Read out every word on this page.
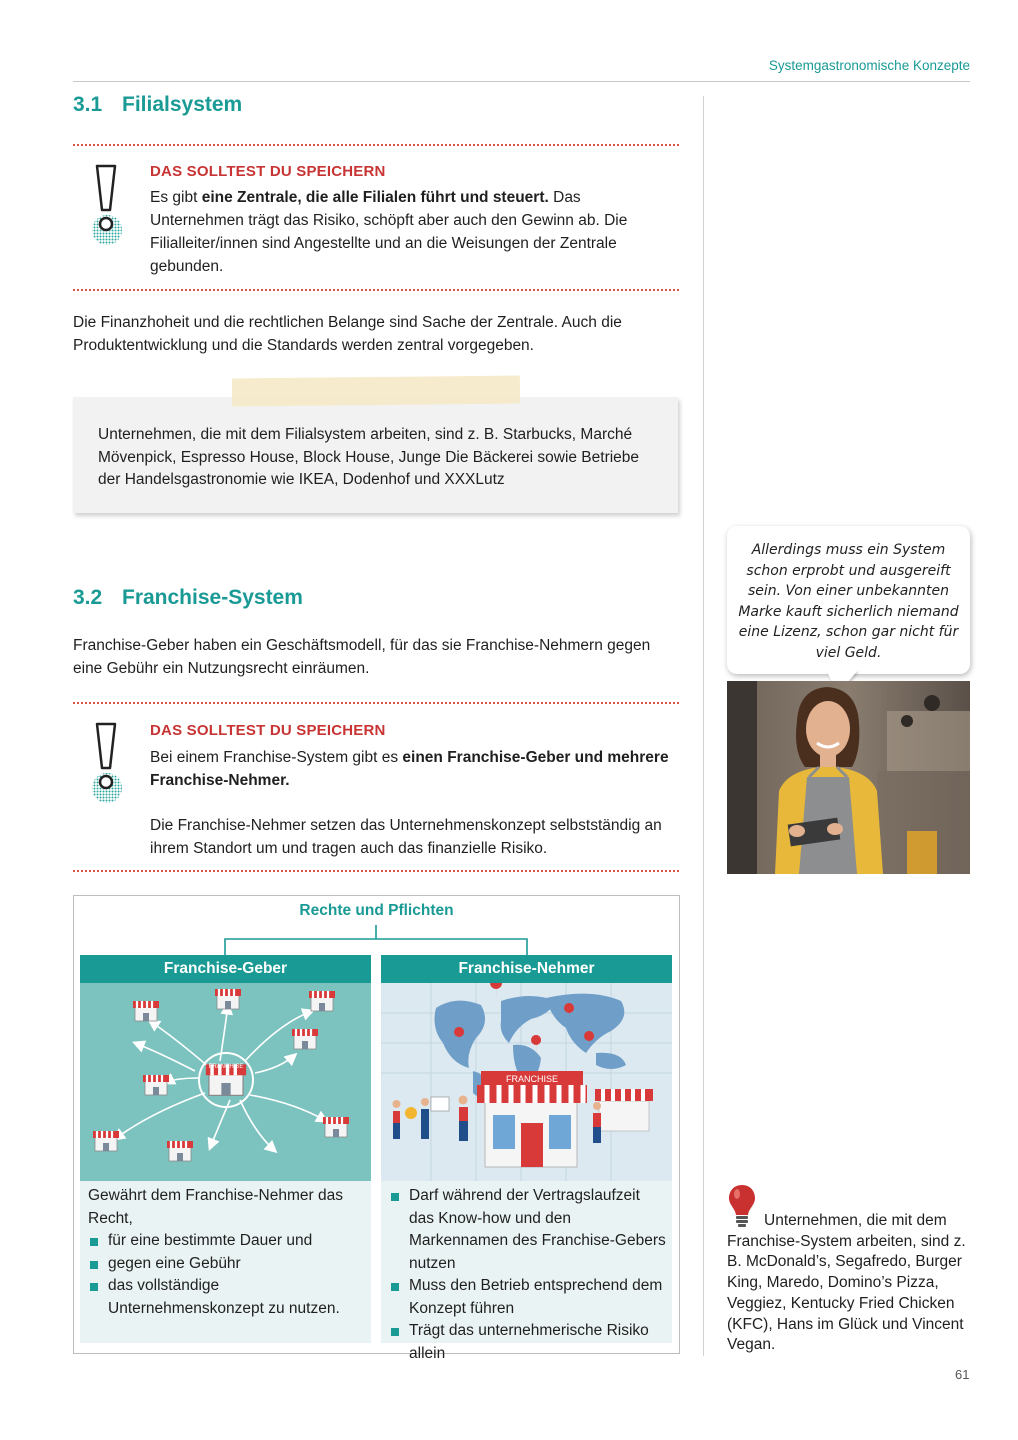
Systemgastronomische Konzepte
3.1 Filialsystem
DAS SOLLTEST DU SPEICHERN
Es gibt eine Zentrale, die alle Filialen führt und steuert. Das Unternehmen trägt das Risiko, schöpft aber auch den Gewinn ab. Die Filialleiter/innen sind Angestellte und an die Weisungen der Zentrale gebunden.
Die Finanzhoheit und die rechtlichen Belange sind Sache der Zentrale. Auch die Produktentwicklung und die Standards werden zentral vorgegeben.
Unternehmen, die mit dem Filialsystem arbeiten, sind z. B. Starbucks, Marché Mövenpick, Espresso House, Block House, Junge Die Bäckerei sowie Betriebe der Handelsgastronomie wie IKEA, Dodenhof und XXXLutz
3.2 Franchise-System
Franchise-Geber haben ein Geschäftsmodell, für das sie Franchise-Nehmern gegen eine Gebühr ein Nutzungsrecht einräumen.
DAS SOLLTEST DU SPEICHERN
Bei einem Franchise-System gibt es einen Franchise-Geber und mehrere Franchise-Nehmer.
Die Franchise-Nehmer setzen das Unternehmenskonzept selbstständig an ihrem Standort um und tragen auch das finanzielle Risiko.
Rechte und Pflichten
Franchise-Geber
FRANCHISE
Gewährt dem Franchise-Nehmer das Recht,
für eine bestimmte Dauer und
gegen eine Gebühr
das vollständige Unternehmenskonzept zu nutzen.
Franchise-Nehmer
FRANCHISE
Darf während der Vertragslaufzeit das Know-how und den Markennamen des Franchise-Gebers nutzen
Muss den Betrieb entsprechend dem Konzept führen
Trägt das unternehmerische Risiko allein
Allerdings muss ein System schon erprobt und ausgereift sein. Von einer unbekannten Marke kauft sicherlich niemand eine Lizenz, schon gar nicht für viel Geld.
Unternehmen, die mit dem Franchise-System arbeiten, sind z. B. McDonald’s, Segafredo, Burger King, Maredo, Domino’s Pizza, Veggiez, Kentucky Fried Chicken (KFC), Hans im Glück und Vincent Vegan.
61
